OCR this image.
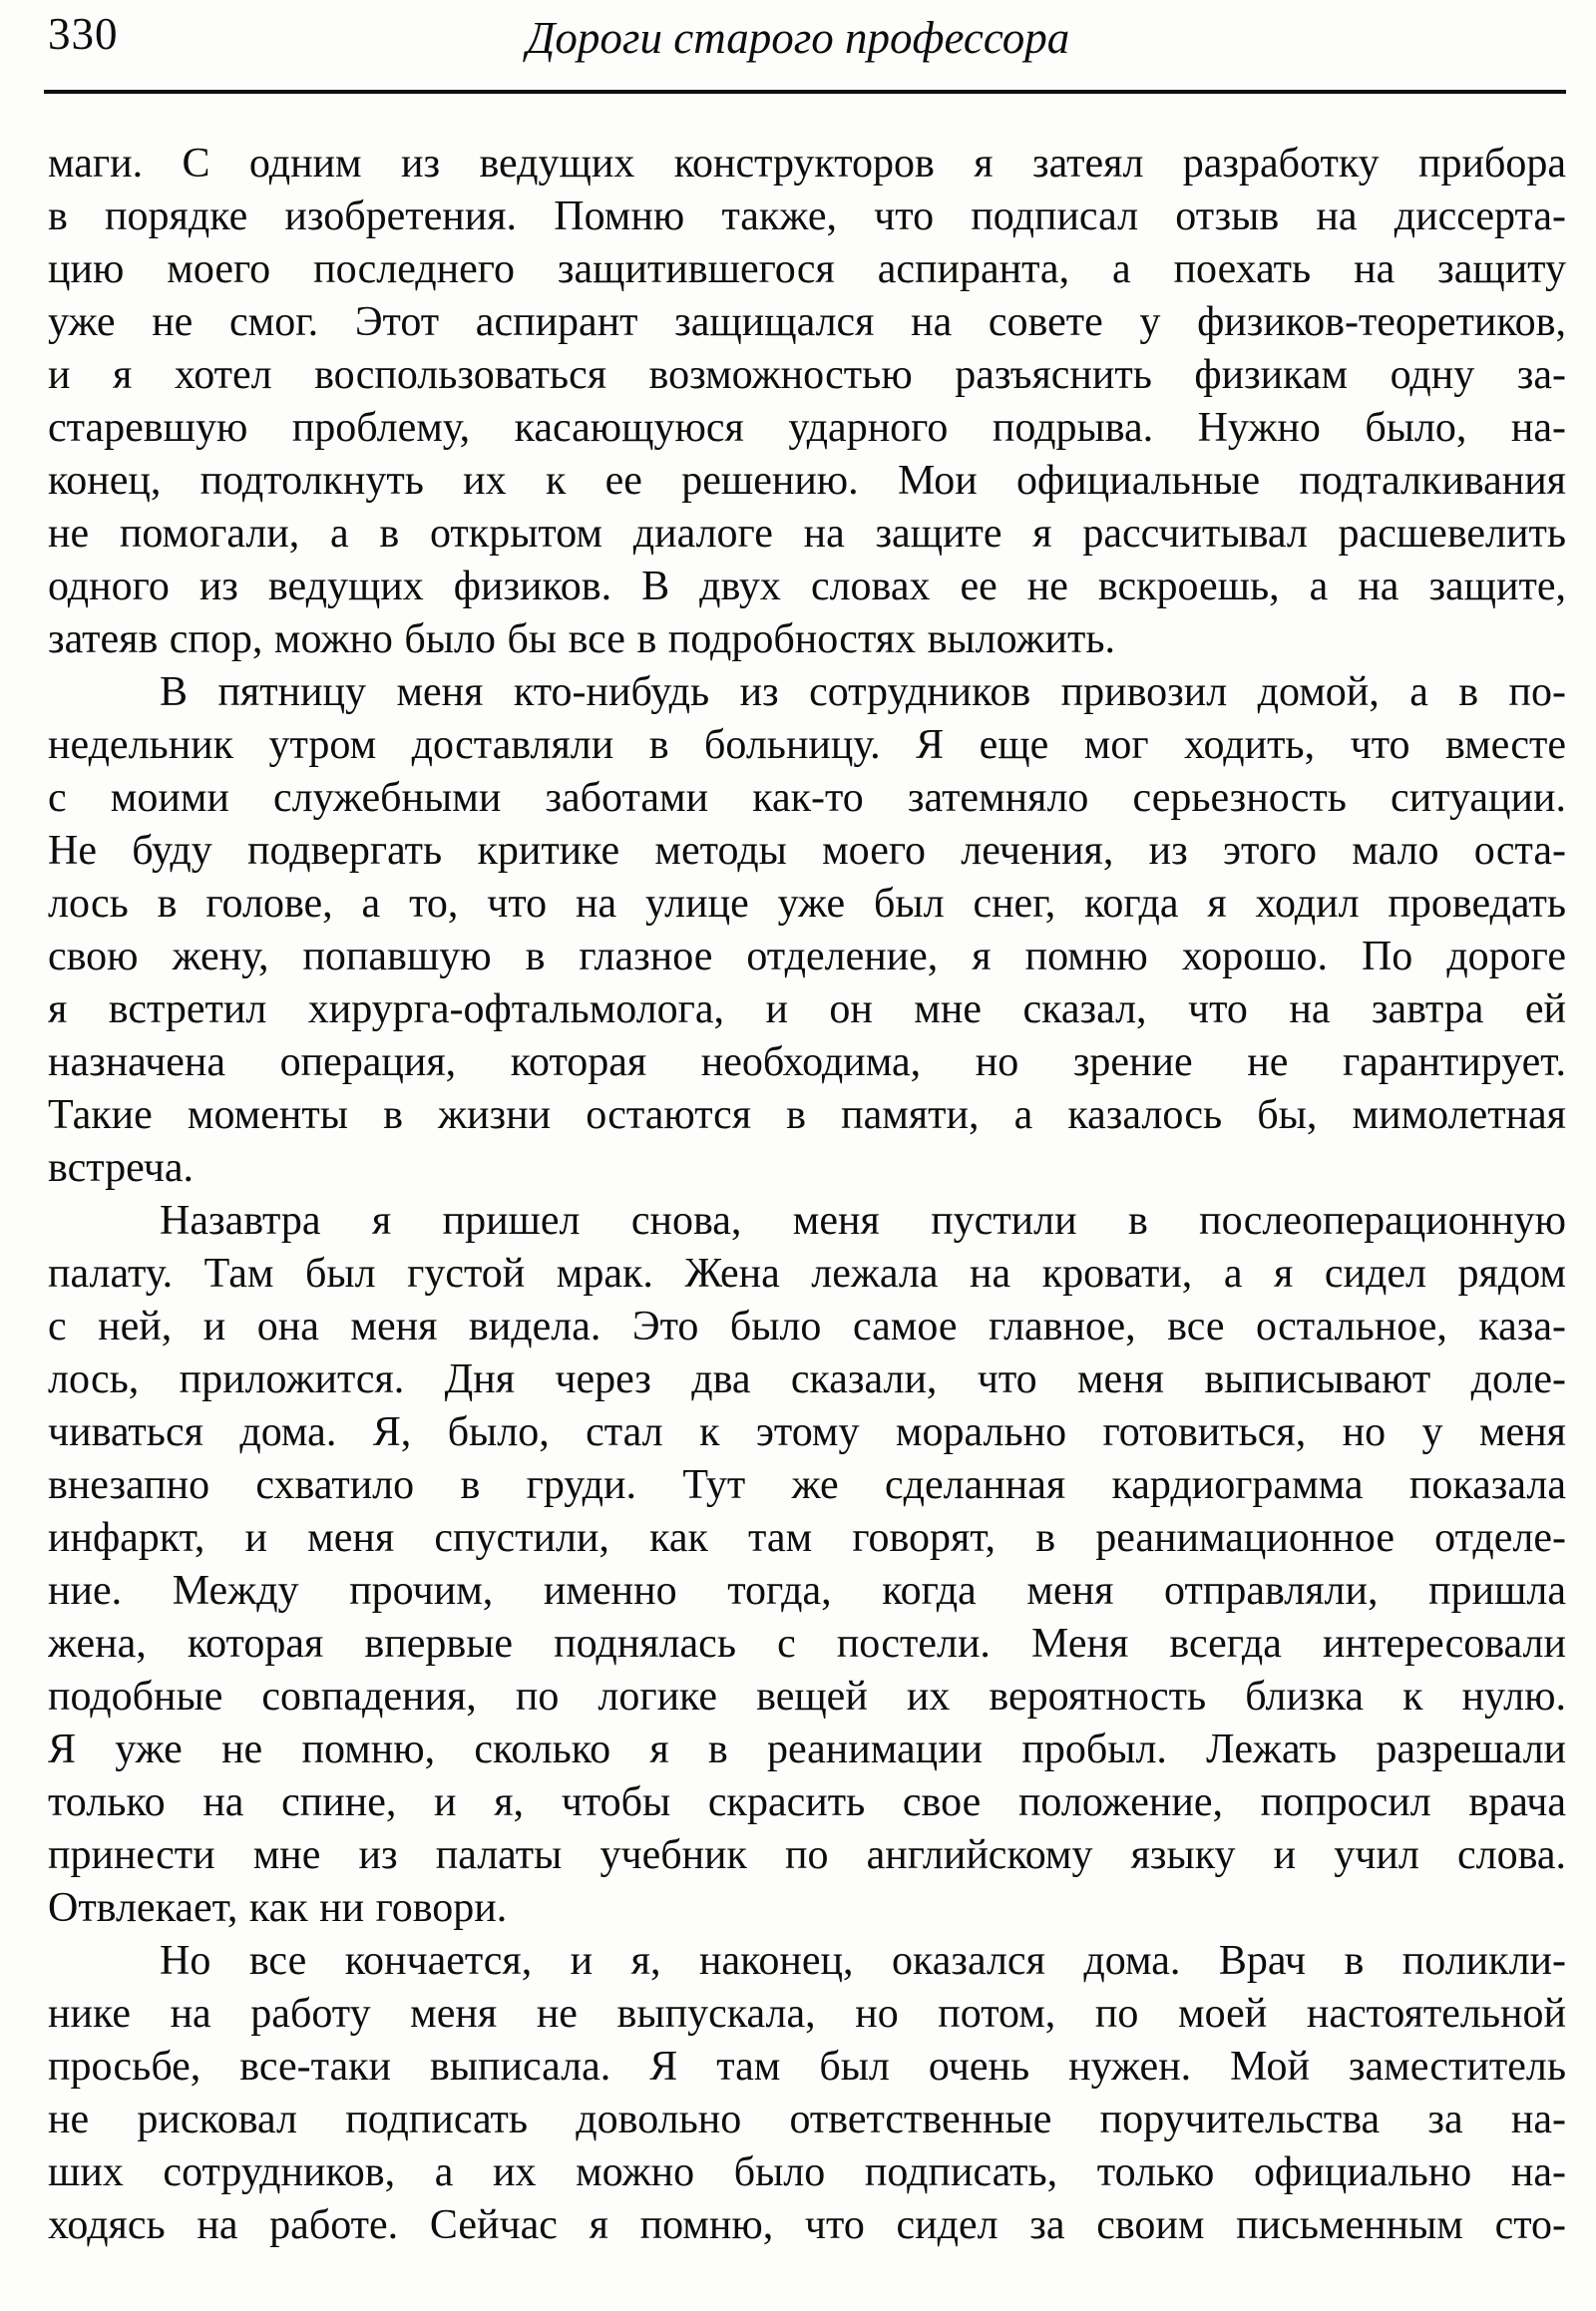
330	Дороги старого профессора
маги. С одним из ведущих конструкторов я затеял разработку прибора
в порядке изобретения. Помню также, что подписал отзыв на диссерта-
цию моего последнего защитившегося аспиранта, а поехать на защиту
уже не смог. Этот аспирант защищался на совете у физиков-теоретиков,
и я хотел воспользоваться возможностью разъяснить физикам одну за-
старевшую проблему, касающуюся ударного подрыва. Нужно было, на-
конец, подтолкнуть их к ее решению. Мои официальные подталкивания
не помогали, а в открытом диалоге на защите я рассчитывал расшевелить
одного из ведущих физиков. В двух словах ее не вскроешь, а на защите,
затеяв спор, можно было бы все в подробностях выложить.
В пятницу меня кто-нибудь из сотрудников привозил домой, а в по-
недельник утром доставляли в больницу. Я еще мог ходить, что вместе
с моими служебными заботами как-то затемняло серьезность ситуации.
Не буду подвергать критике методы моего лечения, из этого мало оста-
лось в голове, а то, что на улице уже был снег, когда я ходил проведать
свою жену, попавшую в глазное отделение, я помню хорошо. По дороге
я встретил хирурга-офтальмолога, и он мне сказал, что на завтра ей
назначена операция, которая необходима, но зрение не гарантирует.
Такие моменты в жизни остаются в памяти, а казалось бы, мимолетная
встреча.
Назавтра я пришел снова, меня пустили в послеоперационную
палату. Там был густой мрак. Жена лежала на кровати, а я сидел рядом
с ней, и она меня видела. Это было самое главное, все остальное, каза-
лось, приложится. Дня через два сказали, что меня выписывают доле-
чиваться дома. Я, было, стал к этому морально готовиться, но у меня
внезапно схватило в груди. Тут же сделанная кардиограмма показала
инфаркт, и меня спустили, как там говорят, в реанимационное отделе-
ние. Между прочим, именно тогда, когда меня отправляли, пришла
жена, которая впервые поднялась с постели. Меня всегда интересовали
подобные совпадения, по логике вещей их вероятность близка к нулю.
Я уже не помню, сколько я в реанимации пробыл. Лежать разрешали
только на спине, и я, чтобы скрасить свое положение, попросил врача
принести мне из палаты учебник по английскому языку и учил слова.
Отвлекает, как ни говори.
Но все кончается, и я, наконец, оказался дома. Врач в поликли-
нике на работу меня не выпускала, но потом, по моей настоятельной
просьбе, все-таки выписала. Я там был очень нужен. Мой заместитель
не рисковал подписать довольно ответственные поручительства за на-
ших сотрудников, а их можно было подписать, только официально на-
ходясь на работе. Сейчас я помню, что сидел за своим письменным сто-
